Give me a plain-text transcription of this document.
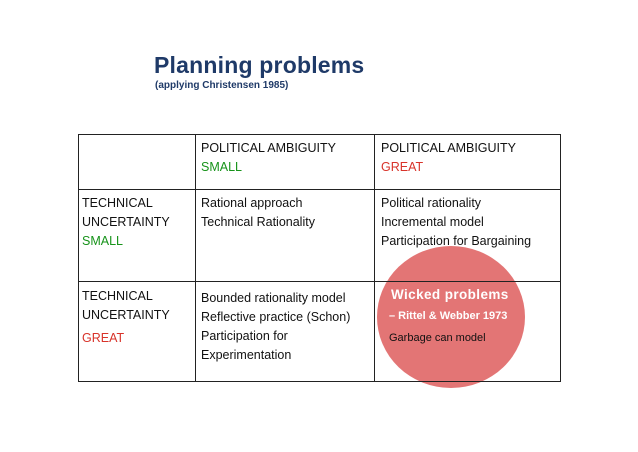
Planning problems
(applying Christensen 1985)
POLITICAL AMBIGUITY
SMALL
POLITICAL AMBIGUITY
GREAT
TECHNICAL
UNCERTAINTY
SMALL
TECHNICAL
UNCERTAINTY
GREAT
Rational approach
Technical Rationality
Political rationality
Incremental model
Participation for Bargaining
Bounded rationality model
Reflective practice (Schon)
Participation for
Experimentation
Wicked problems
– Rittel & Webber 1973
Garbage can model
